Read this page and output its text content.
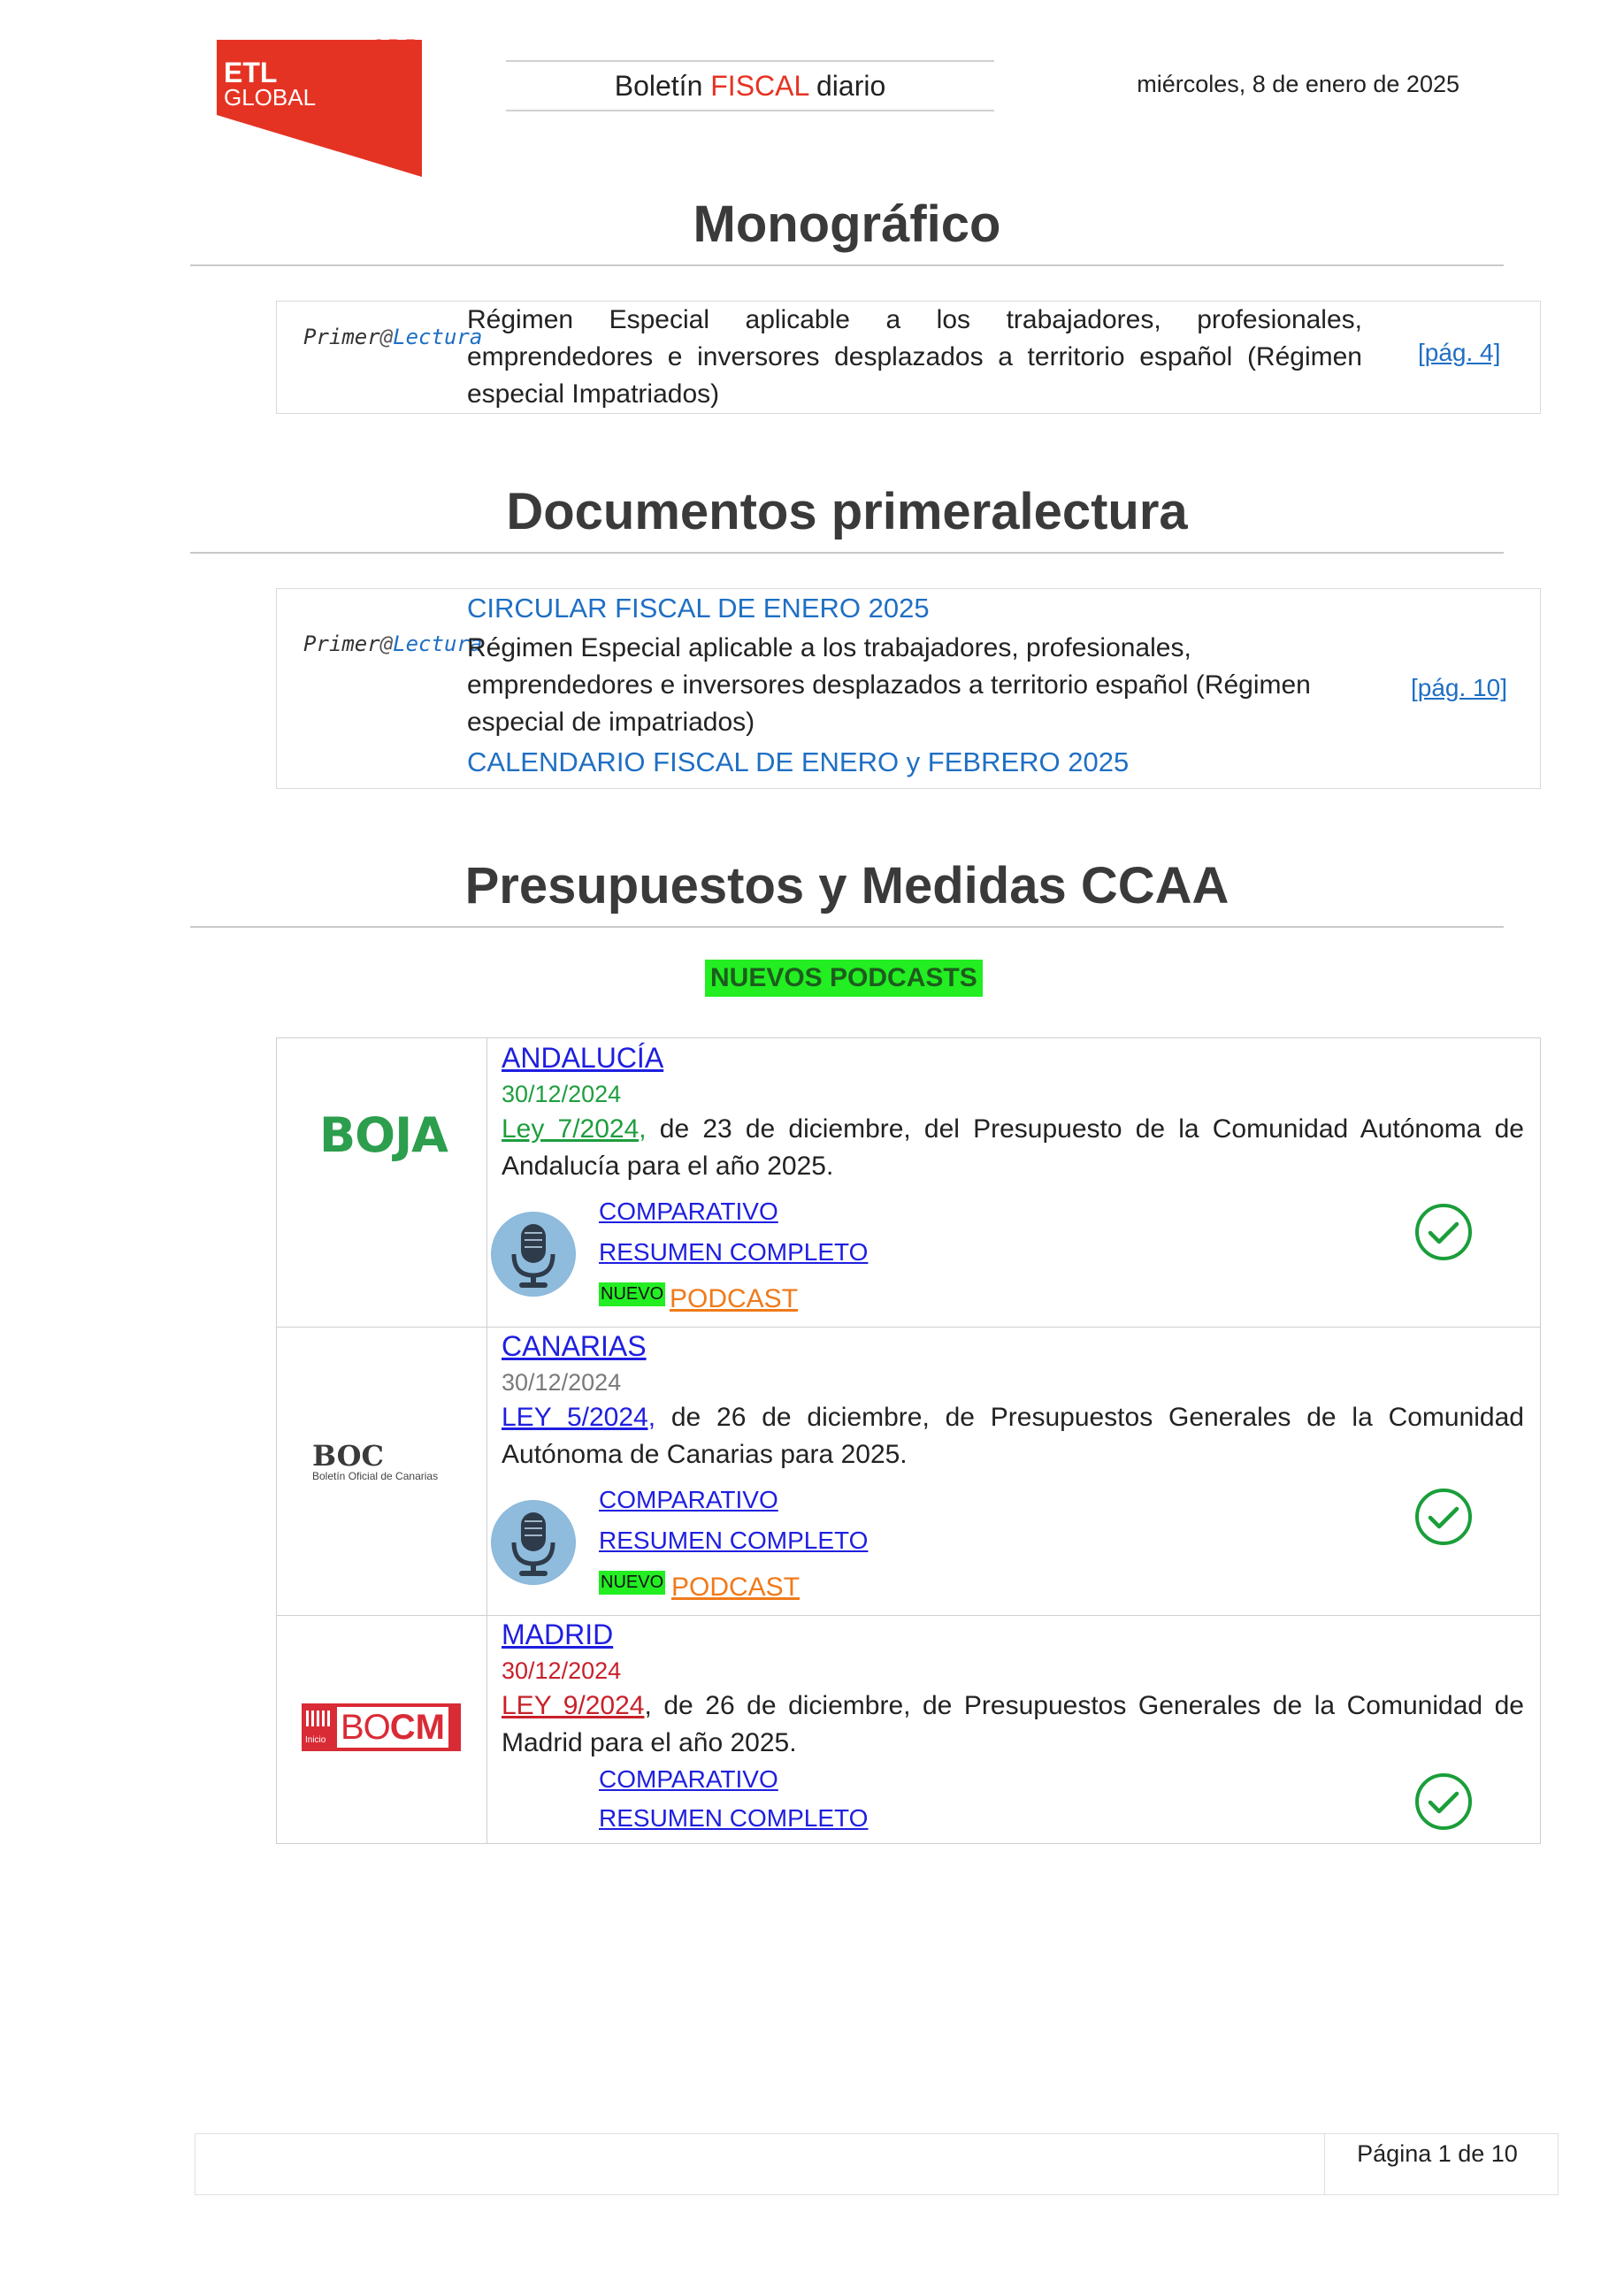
ADD
ETL
GLOBAL	Boletín FISCAL diario	miércoles, 8 de enero de 2025
Monográfico
Primer@Lectura
Régimen Especial aplicable a los trabajadores, profesionales, emprendedores e inversores desplazados a territorio español (Régimen especial Impatriados)
[pág. 4]
Documentos primeralectura
Primer@Lectura
CIRCULAR FISCAL DE ENERO 2025
Régimen Especial aplicable a los trabajadores, profesionales, emprendedores e inversores desplazados a territorio español (Régimen especial de impatriados)
CALENDARIO FISCAL DE ENERO y FEBRERO 2025
[pág. 10]
Presupuestos y Medidas CCAA
NUEVOS PODCASTS
BOJA
ANDALUCÍA
30/12/2024
Ley 7/2024, de 23 de diciembre, del Presupuesto de la Comunidad Autónoma de Andalucía para el año 2025.
COMPARATIVO
RESUMEN COMPLETO
NUEVO PODCAST
BOC
Boletín Oficial de Canarias
CANARIAS
30/12/2024
LEY 5/2024, de 26 de diciembre, de Presupuestos Generales de la Comunidad Autónoma de Canarias para 2025.
COMPARATIVO
RESUMEN COMPLETO
NUEVO PODCAST
Inicio BO CM
MADRID
30/12/2024
LEY 9/2024, de 26 de diciembre, de Presupuestos Generales de la Comunidad de Madrid para el año 2025.
COMPARATIVO
RESUMEN COMPLETO
Página 1 de 10
